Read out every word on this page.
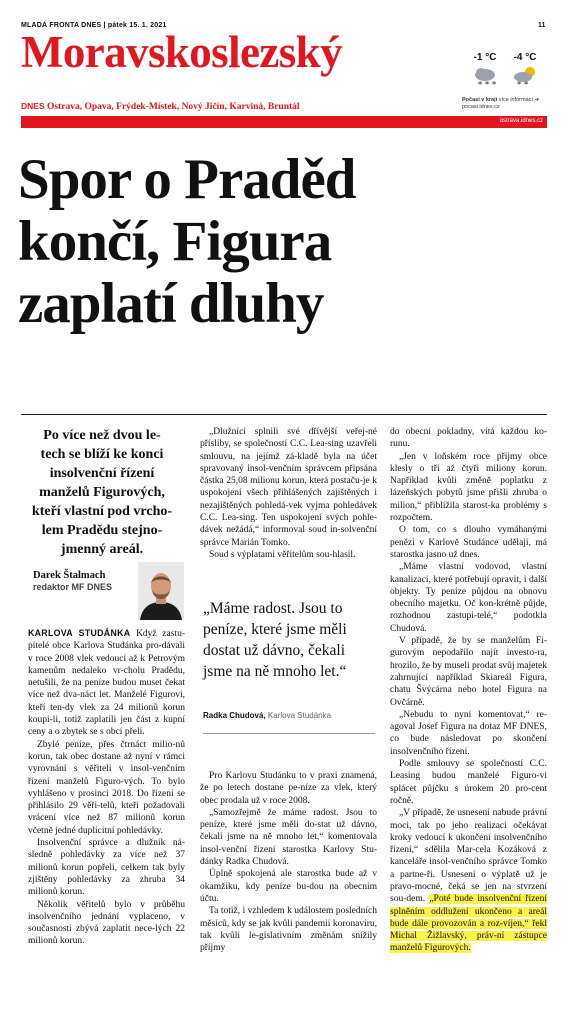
MLADÁ FRONTA DNES | pátek 15. 1. 2021	11
Moravskoslezský	-1 °C
* * *
-4 °C
* *
Počasí v kraji více informací ➔
pocasi.idnes.cz
DNES Ostrava, Opava, Frýdek-Místek, Nový Jičín, Karviná, Bruntál
ostrava.idnes.cz
Spor o Praděd
končí, Figura
zaplatí dluhy

Po více než dvou le-
tech se blíží ke konci
insolvenční řízení
manželů Figurových,
kteří vlastní pod vrcho-
lem Pradědu stejno-
jmenný areál.

Darek Štalmach
redaktor MF DNES

KARLOVA STUDÁNKA Když zastu-pitelé obce Karlova Studánka pro-dávali v roce 2008 vlek vedoucí až k Petrovým kamenům nedaleko vr-cholu Pradědu, netušili, že na peníze budou muset čekat více než dva-náct let. Manželé Figurovi, kteří ten-dy vlek za 24 milionů korun koupi-li, totiž zaplatili jen část z kupní ceny a o zbytek se s obcí přeli.

Zbylé peníze, přes čtrnáct milio-nů korun, tak obec dostane až nyní v rámci vyrovnání s věřiteli v insol-venčním řízení manželů Figuro-vých. To bylo vyhlášeno v prosinci 2018. Do řízení se přihlásilo 29 věři-telů, kteří požadovali vrácení více než 87 milionů korun včetně jedné duplicitní pohledávky.

Insolvenční správce a dlužník ná-sledně pohledávky za více než 37 milionů korun popřeli, celkem tak byly zjištěny pohledávky za zhruba 34 milionů korun.

Několik věřitelů bylo v průběhu insolvenčního jednání vyplaceno, v současnosti zbývá zaplatit nece-lých 22 milionů korun.

„Dlužníci splnili své dřívější veřej-né přísliby, se společností C.C. Lea-sing uzavřeli smlouvu, na jejímž zá-kladě byla na účet spravovaný insol-venčním správcem připsána částka 25,08 milionu korun, která postaču-je k uspokojení všech přihlášených zajištěných i nezajištěných pohledá-vek vyjma pohledávek C.C. Lea-sing. Ten uspokojení svých pohle-dávek nežádá,“ informoval soud in-solvenční správce Marián Tomko.

Soud s výplatami věřitelům sou-hlasil.

„Máme radost. Jsou to peníze, které jsme měli dostat už dávno, čekali jsme na ně mnoho let.“

Radka Chudová, Karlova Studánka

Pro Karlovu Studánku to v praxi znamená, že po letech dostane pe-níze za vlek, který obec prodala už v roce 2008.

„Samozřejmě že máme radost. Jsou to peníze, které jsme měli do-stat už dávno, čekali jsme na ně mnoho let,“ komentovala insol-venční řízení starostka Karlovy Stu-dánky Radka Chudová.

Úplně spokojená ale starostka bude až v okamžiku, kdy peníze bu-dou na obecním účtu.

Ta totiž, i vzhledem k událostem posledních měsíců, kdy se jak kvůli pandemii koronaviru, tak kvůli le-gislativním změnám snížily příjmy

do obecní pokladny, vítá každou ko-runu.

„Jen v loňském roce příjmy obce klesly o tři až čtyři miliony korun. Například kvůli změně poplatku z lázeňských pobytů jsme přišli zhruba o milion,“ přiblížila starost-ka problémy s rozpočtem.

O tom, co s dlouho vymáhanými penězi v Karlově Studánce udělají, má starostka jasno už dnes.

„Máme vlastní vodovod, vlastní kanalizaci, které potřebují opravit, i další objekty. Ty peníze půjdou na obnovu obecního majetku. Oč kon-krétně půjde, rozhodnou zastupi-telé,“ podotkla Chudová.

V případě, že by se manželům Fi-gurovým nepodařilo najít investo-ra, hrozilo, že by museli prodat svůj majetek zahrnující například Skiareál Figura, chatu Švýcárna nebo hotel Figura na Ovčárně.

„Nebudu to nyní komentovat,“ re-agoval Josef Figura na dotaz MF DNES, co bude následovat po skončení insolvenčního řízení.

Podle smlouvy se společností C.C. Leasing budou manželé Figuro-vi splácet půjčku s úrokem 20 pro-cent ročně.

„V případě, že usnesení nabude právní moci, tak po jeho realizaci očekávat kroky vedoucí k ukončení insolvenčního řízení,“ sdělila Mar-cela Kozáková z kanceláře insol-venčního správce Tomko a partne-ři. Usnesení o výplatě už je pravo-mocné, čeká se jen na stvrzení sou-dem. „Poté bude insolvenční řízení splněním oddlužení ukončeno a areál bude dále provozován a roz-víjen,“ řekl Michal Žižlavský, práv-ní zástupce manželů Figurových.
